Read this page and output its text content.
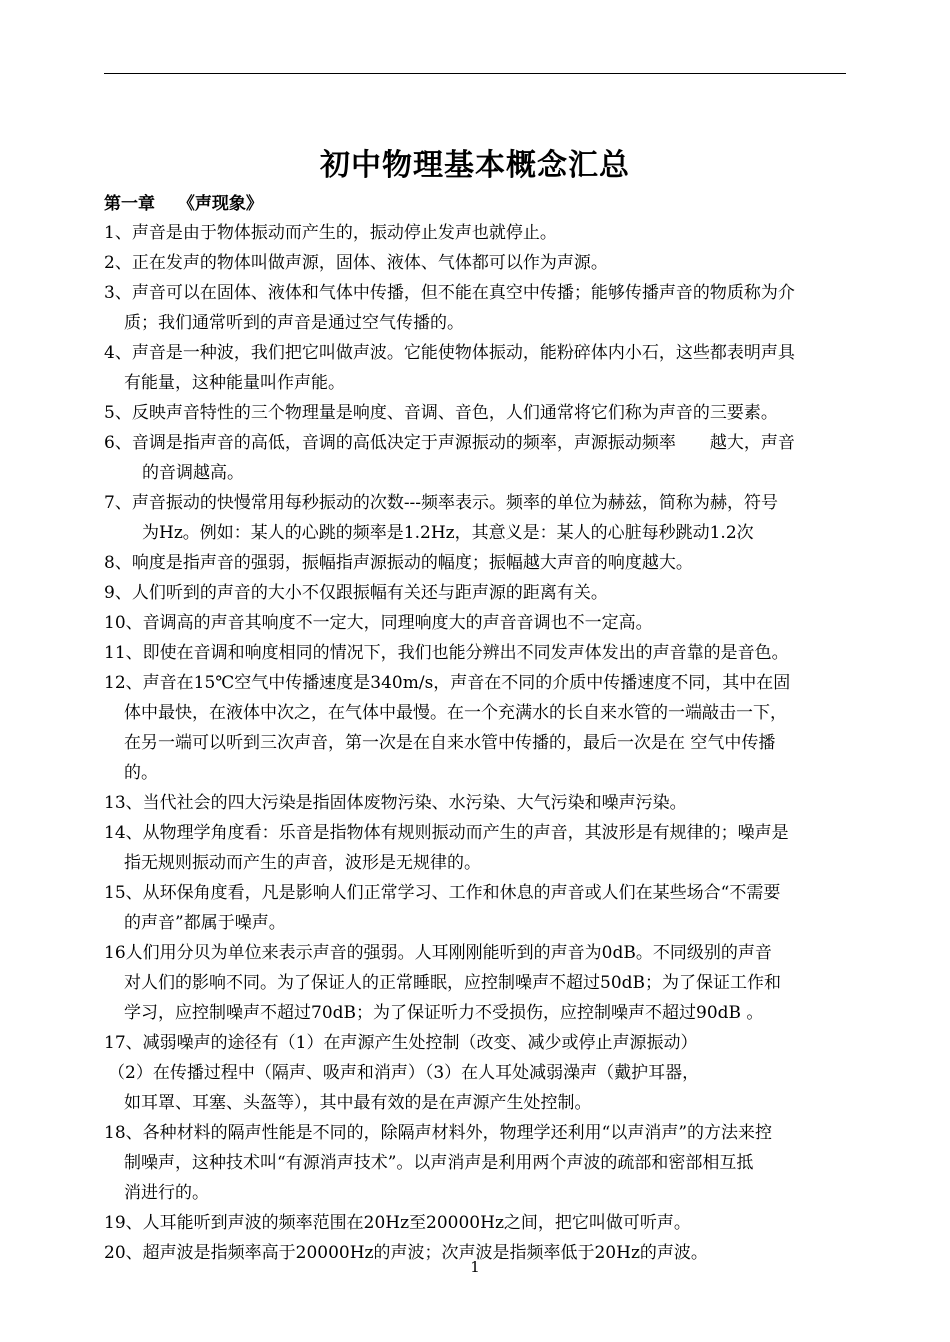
初中物理基本概念汇总

第一章　 《声现象》

1、声音是由于物体振动而产生的，振动停止发声也就停止。

2、正在发声的物体叫做声源，固体、液体、气体都可以作为声源。

3、声音可以在固体、液体和气体中传播，但不能在真空中传播；能够传播声音的物质称为介

质；我们通常听到的声音是通过空气传播的。

4、声音是一种波，我们把它叫做声波。它能使物体振动，能粉碎体内小石，这些都表明声具

有能量，这种能量叫作声能。

5、反映声音特性的三个物理量是响度、音调、音色，人们通常将它们称为声音的三要素。

6、音调是指声音的高低，音调的高低决定于声源振动的频率，声源振动频率　　越大，声音

的音调越高。

7、声音振动的快慢常用每秒振动的次数---频率表示。频率的单位为赫兹，简称为赫，符号

为Hz。例如：某人的心跳的频率是1.2Hz，其意义是：某人的心脏每秒跳动1.2次

8、响度是指声音的强弱，振幅指声源振动的幅度；振幅越大声音的响度越大。

9、人们听到的声音的大小不仅跟振幅有关还与距声源的距离有关。

10、音调高的声音其响度不一定大，同理响度大的声音音调也不一定高。

11、即使在音调和响度相同的情况下，我们也能分辨出不同发声体发出的声音靠的是音色。

12、声音在15℃空气中传播速度是340m/s，声音在不同的介质中传播速度不同，其中在固

体中最快，在液体中次之，在气体中最慢。在一个充满水的长自来水管的一端敲击一下，

在另一端可以听到三次声音，第一次是在自来水管中传播的，最后一次是在 空气中传播

的。

13、当代社会的四大污染是指固体废物污染、水污染、大气污染和噪声污染。

14、从物理学角度看：乐音是指物体有规则振动而产生的声音，其波形是有规律的；噪声是

指无规则振动而产生的声音，波形是无规律的。

15、从环保角度看，凡是影响人们正常学习、工作和休息的声音或人们在某些场合“不需要

的声音”都属于噪声。

16人们用分贝为单位来表示声音的强弱。人耳刚刚能听到的声音为0dB。不同级别的声音

对人们的影响不同。为了保证人的正常睡眠，应控制噪声不超过50dB；为了保证工作和

学习，应控制噪声不超过70dB；为了保证听力不受损伤，应控制噪声不超过90dB 。

17、减弱噪声的途径有（1）在声源产生处控制（改变、减少或停止声源振动）

（2）在传播过程中（隔声、吸声和消声）（3）在人耳处减弱澡声（戴护耳器，

如耳罩、耳塞、头盔等），其中最有效的是在声源产生处控制。

18、各种材料的隔声性能是不同的，除隔声材料外，物理学还利用“以声消声”的方法来控

制噪声，这种技术叫“有源消声技术”。以声消声是利用两个声波的疏部和密部相互抵

消进行的。

19、人耳能听到声波的频率范围在20Hz至20000Hz之间，把它叫做可听声。

20、超声波是指频率高于20000Hz的声波；次声波是指频率低于20Hz的声波。

1
